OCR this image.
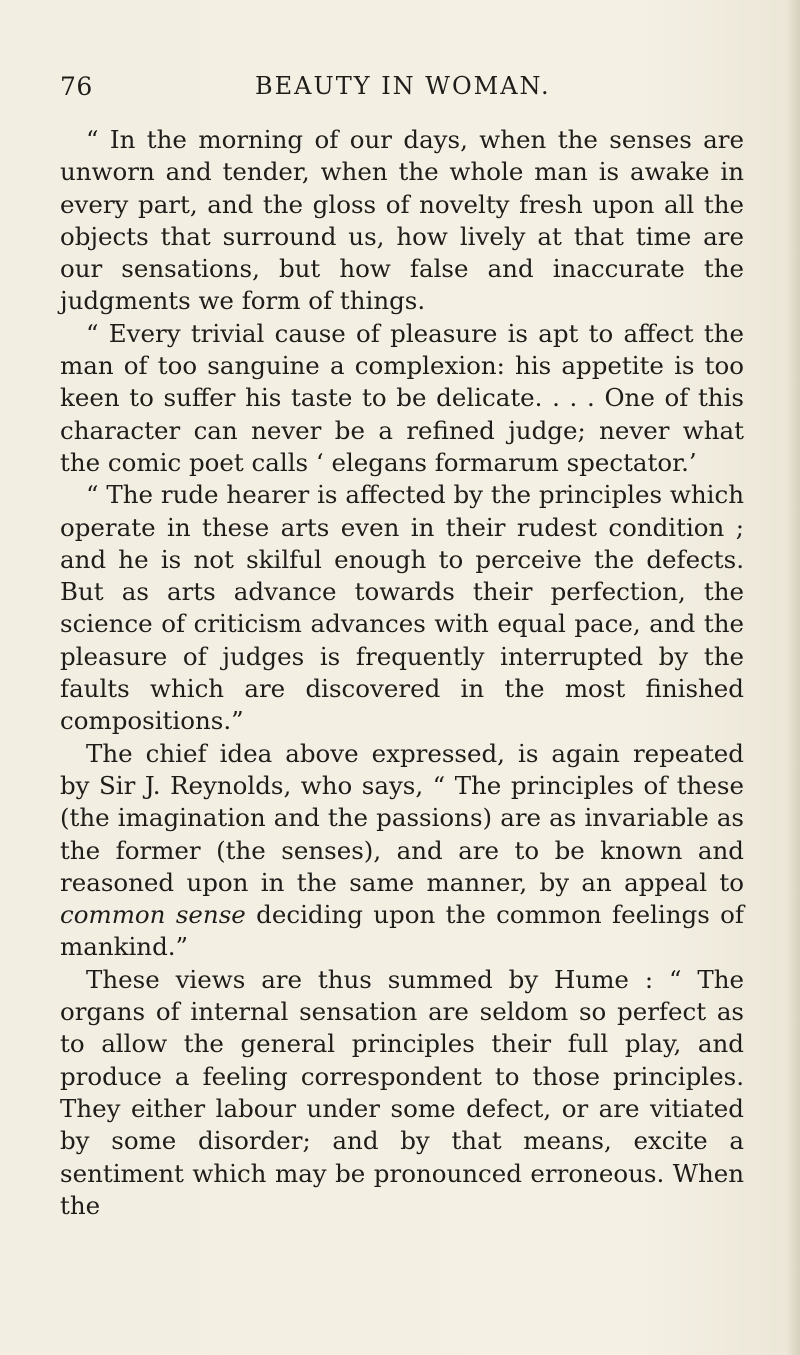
76	BEAUTY IN WOMAN.

“ In the morning of our days, when the senses are unworn and tender, when the whole man is awake in every part, and the gloss of novelty fresh upon all the objects that surround us, how lively at that time are our sensations, but how false and inaccurate the judgments we form of things.

“ Every trivial cause of pleasure is apt to affect the man of too sanguine a complexion: his appetite is too keen to suffer his taste to be delicate. . . . One of this character can never be a refined judge; never what the comic poet calls ‘ elegans formarum spectator.’

“ The rude hearer is affected by the principles which operate in these arts even in their rudest condition ; and he is not skilful enough to perceive the defects. But as arts advance towards their perfection, the science of criticism advances with equal pace, and the pleasure of judges is frequently interrupted by the faults which are discovered in the most finished compositions.”

The chief idea above expressed, is again repeated by Sir J. Reynolds, who says, “ The principles of these (the imagination and the passions) are as invariable as the former (the senses), and are to be known and reasoned upon in the same manner, by an appeal to common sense deciding upon the common feelings of mankind.”

These views are thus summed by Hume : “ The organs of internal sensation are seldom so perfect as to allow the general principles their full play, and produce a feeling correspondent to those principles. They either labour under some defect, or are vitiated by some disorder; and by that means, excite a sentiment which may be pronounced erroneous. When the
